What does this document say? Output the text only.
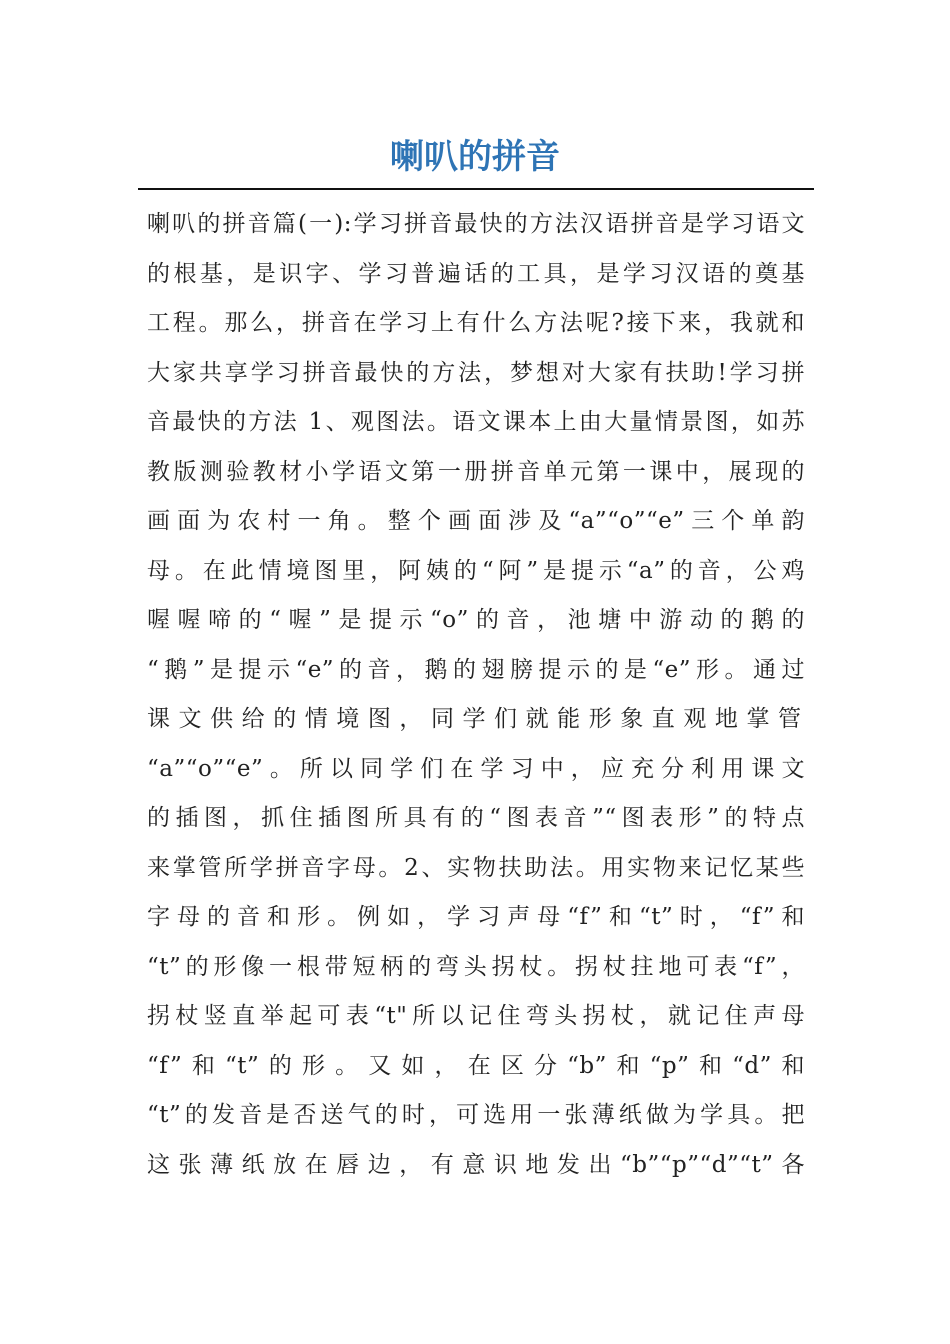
喇叭的拼音
喇叭的拼音篇(一):学习拼音最快的方法汉语拼音是学习语文
的根基，是识字、学习普遍话的工具，是学习汉语的奠基
工程。那么，拼音在学习上有什么方法呢?接下来，我就和
大家共享学习拼音最快的方法，梦想对大家有扶助!学习拼
音最快的方法 1、观图法。语文课本上由大量情景图，如苏
教版测验教材小学语文第一册拼音单元第一课中，展现的
画面为农村一角。整个画面涉及“a”“o”“e”三个单韵
母。在此情境图里，阿姨的“阿”是提示“a”的音，公鸡
喔喔啼的“喔”是提示“o”的音，池塘中游动的鹅的
“鹅”是提示“e”的音，鹅的翅膀提示的是“e”形。通过
课文供给的情境图，同学们就能形象直观地掌管
“a”“o”“e”。所以同学们在学习中，应充分利用课文
的插图，抓住插图所具有的“图表音”“图表形”的特点
来掌管所学拼音字母。2、实物扶助法。用实物来记忆某些
字母的音和形。例如，学习声母“f”和“t”时，“f”和
“t”的形像一根带短柄的弯头拐杖。拐杖拄地可表“f”，
拐杖竖直举起可表“t"所以记住弯头拐杖，就记住声母
“f”和“t”的形。又如，在区分“b”和“p”和“d”和
“t”的发音是否送气的时，可选用一张薄纸做为学具。把
这张薄纸放在唇边，有意识地发出“b”“p”“d”“t”各
